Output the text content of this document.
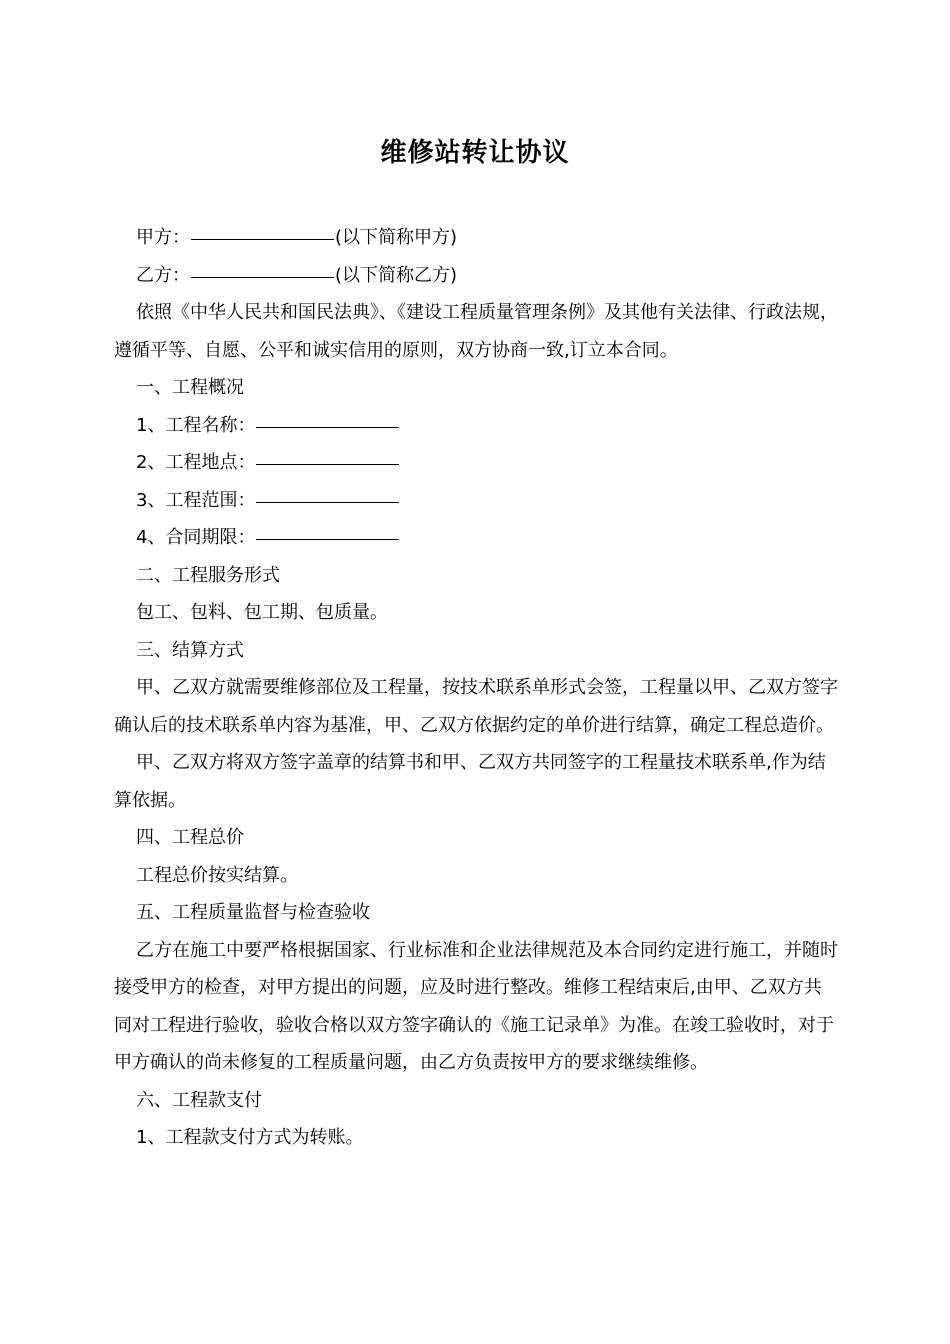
维修站转让协议

甲方：	(以下简称甲方)

乙方：	(以下简称乙方)

依照《中华人民共和国民法典》、《建设工程质量管理条例》及其他有关法律、行政法规，遵循平等、自愿、公平和诚实信用的原则，双方协商一致,订立本合同。

一、工程概况

1、工程名称：

2、工程地点：

3、工程范围：

4、合同期限：

二、工程服务形式

包工、包料、包工期、包质量。

三、结算方式

甲、乙双方就需要维修部位及工程量，按技术联系单形式会签，工程量以甲、乙双方签字确认后的技术联系单内容为基准，甲、乙双方依据约定的单价进行结算，确定工程总造价。

甲、乙双方将双方签字盖章的结算书和甲、乙双方共同签字的工程量技术联系单,作为结算依据。

四、工程总价

工程总价按实结算。

五、工程质量监督与检查验收

乙方在施工中要严格根据国家、行业标准和企业法律规范及本合同约定进行施工，并随时接受甲方的检查，对甲方提出的问题，应及时进行整改。维修工程结束后,由甲、乙双方共同对工程进行验收，验收合格以双方签字确认的《施工记录单》为准。在竣工验收时，对于甲方确认的尚未修复的工程质量问题，由乙方负责按甲方的要求继续维修。

六、工程款支付

1、工程款支付方式为转账。
